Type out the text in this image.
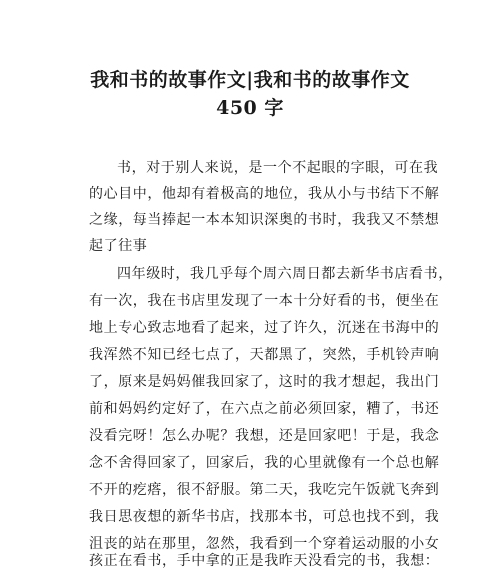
我和书的故事作文|我和书的故事作文
450 字
书，对于别人来说，是一个不起眼的字眼，可在我
的心目中，他却有着极高的地位，我从小与书结下不解
之缘，每当捧起一本本知识深奥的书时，我我又不禁想
起了往事
四年级时，我几乎每个周六周日都去新华书店看书，
有一次，我在书店里发现了一本十分好看的书，便坐在
地上专心致志地看了起来，过了许久，沉迷在书海中的
我浑然不知已经七点了，天都黑了，突然，手机铃声响
了，原来是妈妈催我回家了，这时的我才想起，我出门
前和妈妈约定好了，在六点之前必须回家，糟了，书还
没看完呀！怎么办呢？我想，还是回家吧！于是，我念
念不舍得回家了，回家后，我的心里就像有一个总也解
不开的疙瘩，很不舒服。第二天，我吃完午饭就飞奔到
我日思夜想的新华书店，找那本书，可总也找不到，我
沮丧的站在那里，忽然，我看到一个穿着运动服的小女
孩正在看书，手中拿的正是我昨天没看完的书，我想：
